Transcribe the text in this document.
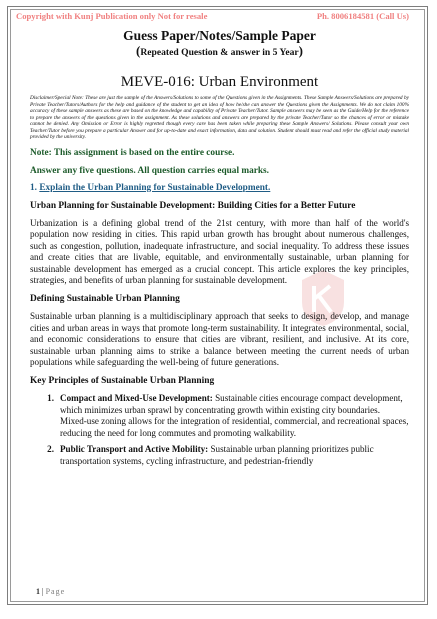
Copyright with Kunj Publication only Not for resale	Ph. 8006184581 (Call Us)
Guess Paper/Notes/Sample Paper
(Repeated Question & answer in 5 Year)
MEVE-016: Urban Environment
Disclaimer/Special Note: These are just the sample of the Answers/Solutions to some of the Questions given in the Assignments. These Sample Answers/Solutions are prepared by Private Teacher/Tutors/Authors for the help and guidance of the student to get an idea of how he/she can answer the Questions given the Assignments. We do not claim 100% accuracy of these sample answers as these are based on the knowledge and capability of Private Teacher/Tutor. Sample answers may be seen as the Guide/Help for the reference to prepare the answers of the questions given in the assignment. As these solutions and answers are prepared by the private Teacher/Tutor so the chances of error or mistake cannot be denied. Any Omission or Error is highly regretted though every care has been taken while preparing these Sample Answers/ Solutions. Please consult your own Teacher/Tutor before you prepare a particular Answer and for up-to-date and exact information, data and solution. Student should must read and refer the official study material provided by the university.
Note: This assignment is based on the entire course.
Answer any five questions. All question carries equal marks.
1. Explain the Urban Planning for Sustainable Development.
Urban Planning for Sustainable Development: Building Cities for a Better Future
Urbanization is a defining global trend of the 21st century, with more than half of the world's population now residing in cities. This rapid urban growth has brought about numerous challenges, such as congestion, pollution, inadequate infrastructure, and social inequality. To address these issues and create cities that are livable, equitable, and environmentally sustainable, urban planning for sustainable development has emerged as a crucial concept. This article explores the key principles, strategies, and benefits of urban planning for sustainable development.
Defining Sustainable Urban Planning
Sustainable urban planning is a multidisciplinary approach that seeks to design, develop, and manage cities and urban areas in ways that promote long-term sustainability. It integrates environmental, social, and economic considerations to ensure that cities are vibrant, resilient, and inclusive. At its core, sustainable urban planning aims to strike a balance between meeting the current needs of urban populations while safeguarding the well-being of future generations.
Key Principles of Sustainable Urban Planning
1. Compact and Mixed-Use Development: Sustainable cities encourage compact development, which minimizes urban sprawl by concentrating growth within existing city boundaries. Mixed-use zoning allows for the integration of residential, commercial, and recreational spaces, reducing the need for long commutes and promoting walkability.
2. Public Transport and Active Mobility: Sustainable urban planning prioritizes public transportation systems, cycling infrastructure, and pedestrian-friendly
1 | Page
